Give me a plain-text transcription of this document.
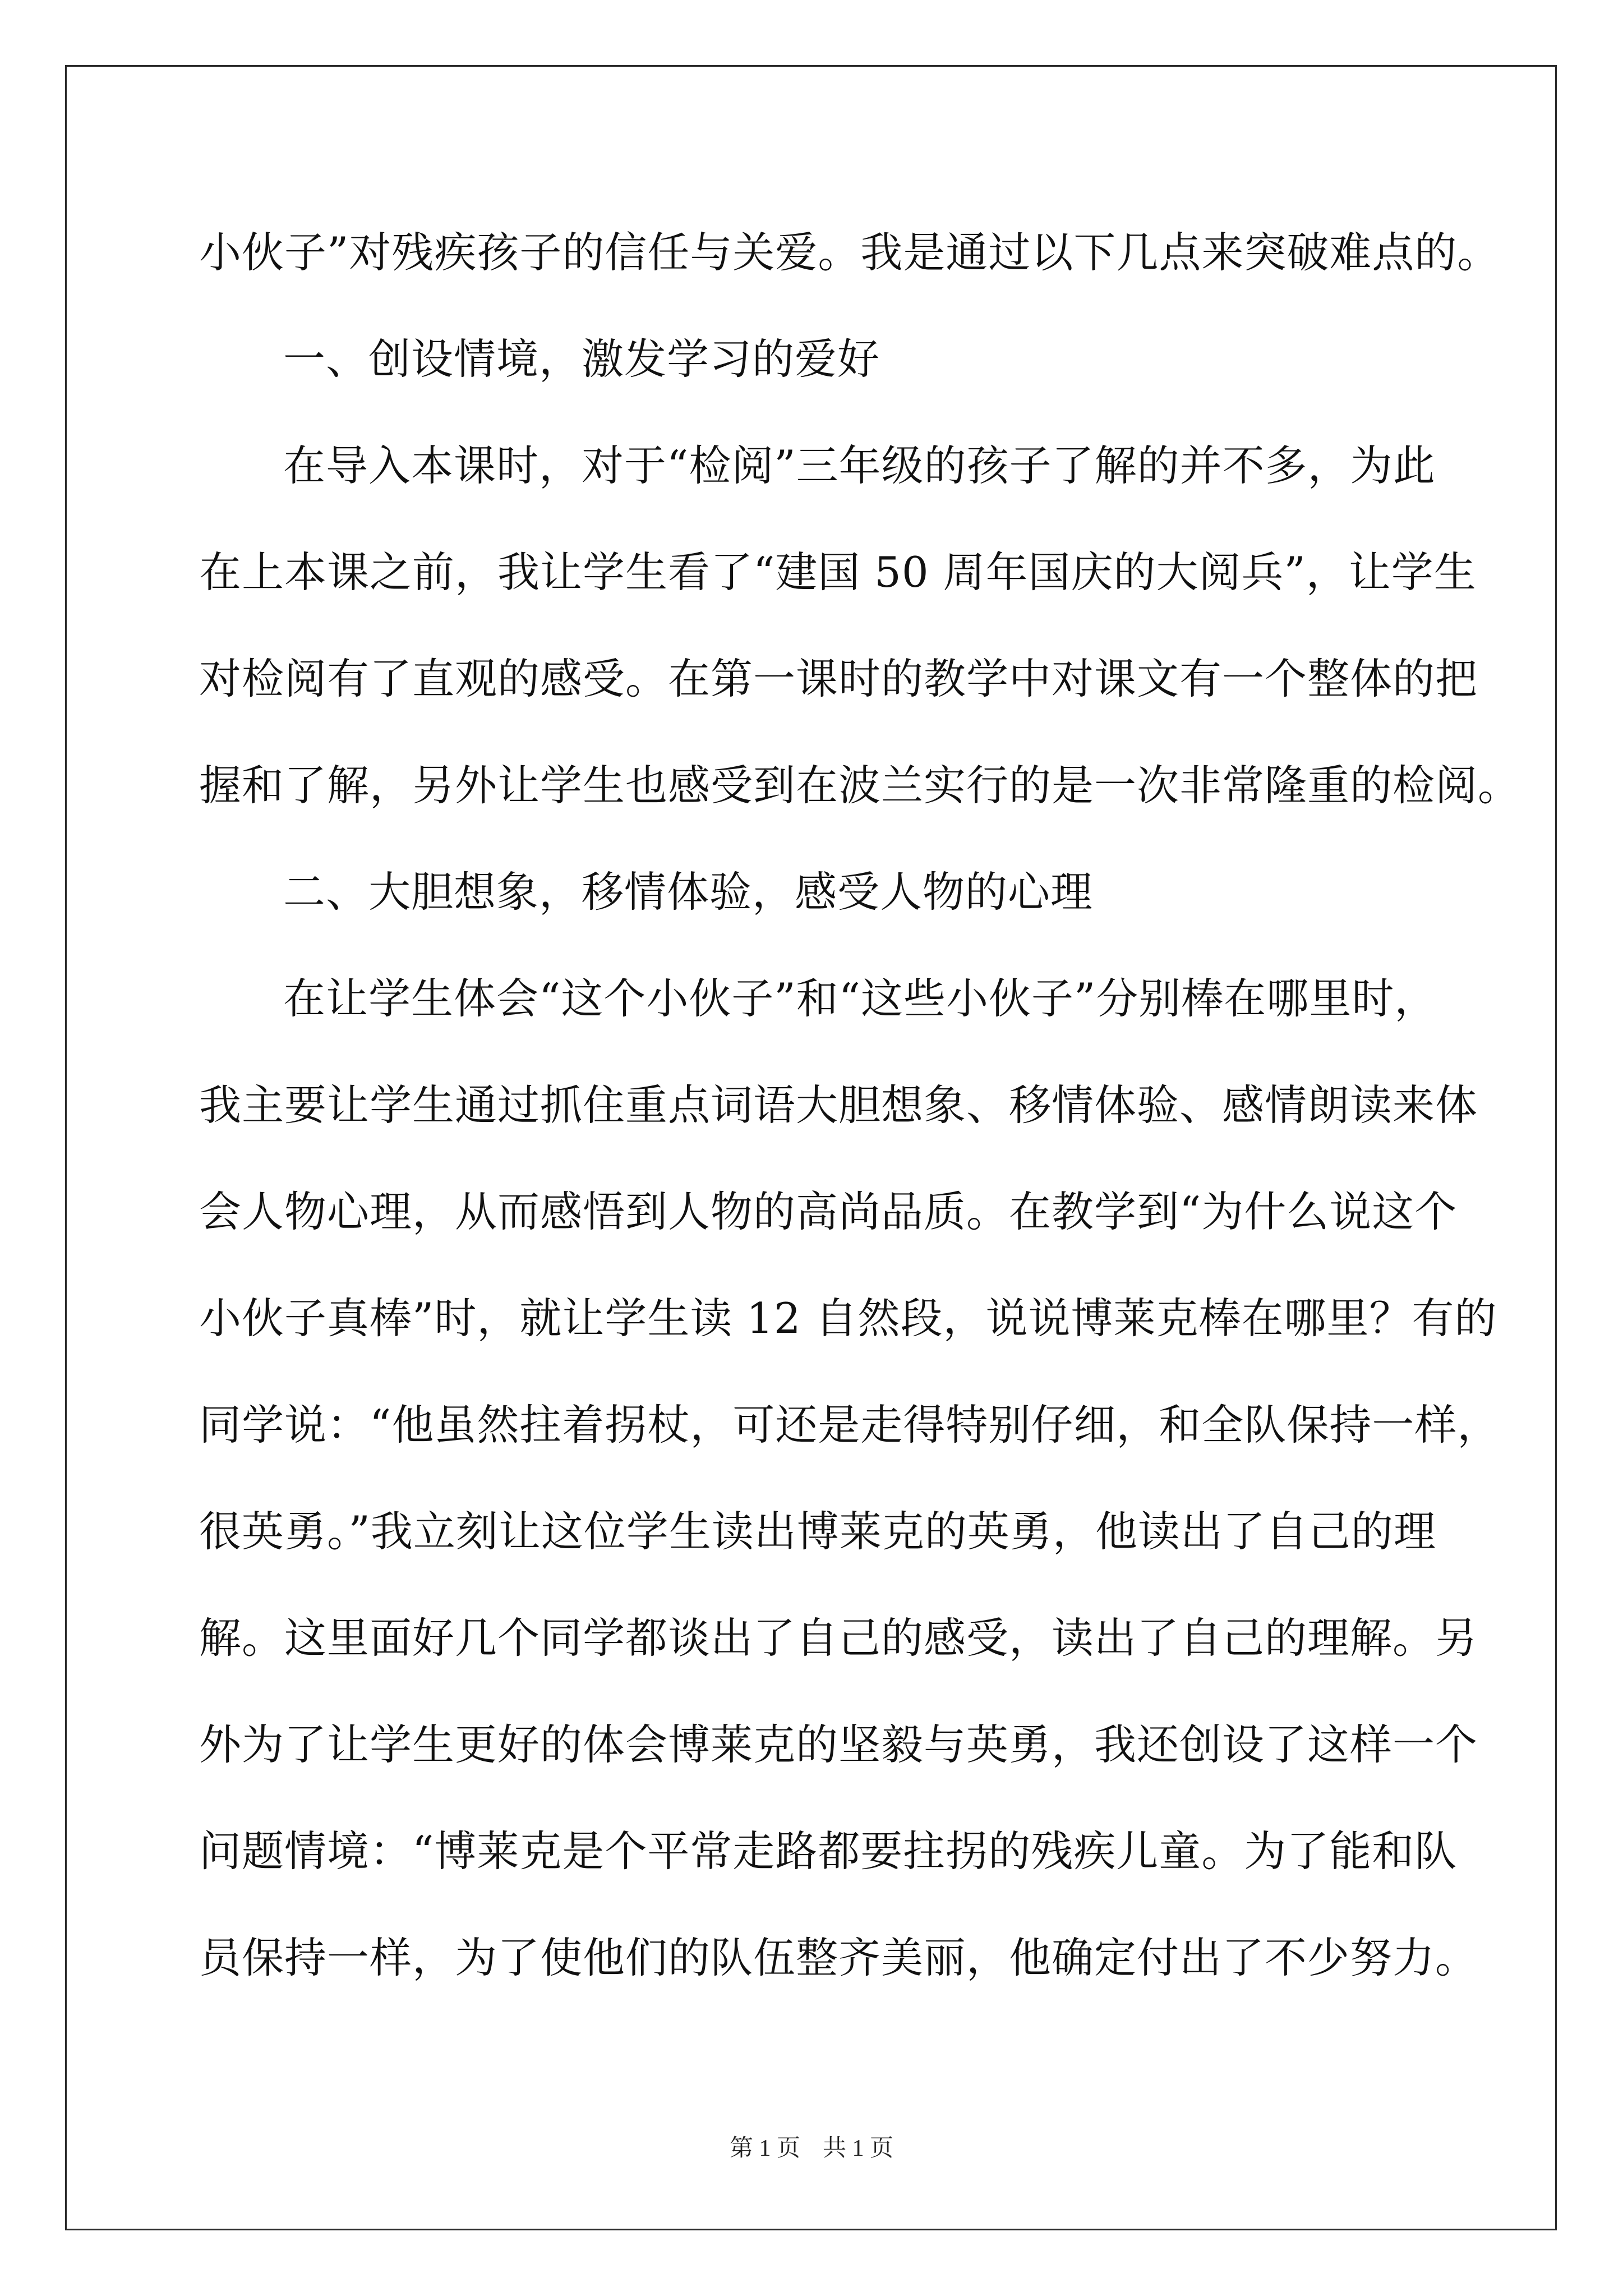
小伙子”对残疾孩子的信任与关爱。我是通过以下几点来突破难点的。
一、创设情境，激发学习的爱好
在导入本课时，对于“检阅”三年级的孩子了解的并不多，为此
在上本课之前，我让学生看了“建国 50 周年国庆的大阅兵”，让学生
对检阅有了直观的感受。在第一课时的教学中对课文有一个整体的把
握和了解，另外让学生也感受到在波兰实行的是一次非常隆重的检阅。
二、大胆想象，移情体验，感受人物的心理
在让学生体会“这个小伙子”和“这些小伙子”分别棒在哪里时，
我主要让学生通过抓住重点词语大胆想象、移情体验、感情朗读来体
会人物心理，从而感悟到人物的高尚品质。在教学到“为什么说这个
小伙子真棒”时，就让学生读 12 自然段，说说博莱克棒在哪里？有的
同学说：“他虽然拄着拐杖，可还是走得特别仔细，和全队保持一样，
很英勇。”我立刻让这位学生读出博莱克的英勇，他读出了自己的理
解。这里面好几个同学都谈出了自己的感受，读出了自己的理解。另
外为了让学生更好的体会博莱克的坚毅与英勇，我还创设了这样一个
问题情境：“博莱克是个平常走路都要拄拐的残疾儿童。为了能和队
员保持一样，为了使他们的队伍整齐美丽，他确定付出了不少努力。
第 1 页 共 1 页
